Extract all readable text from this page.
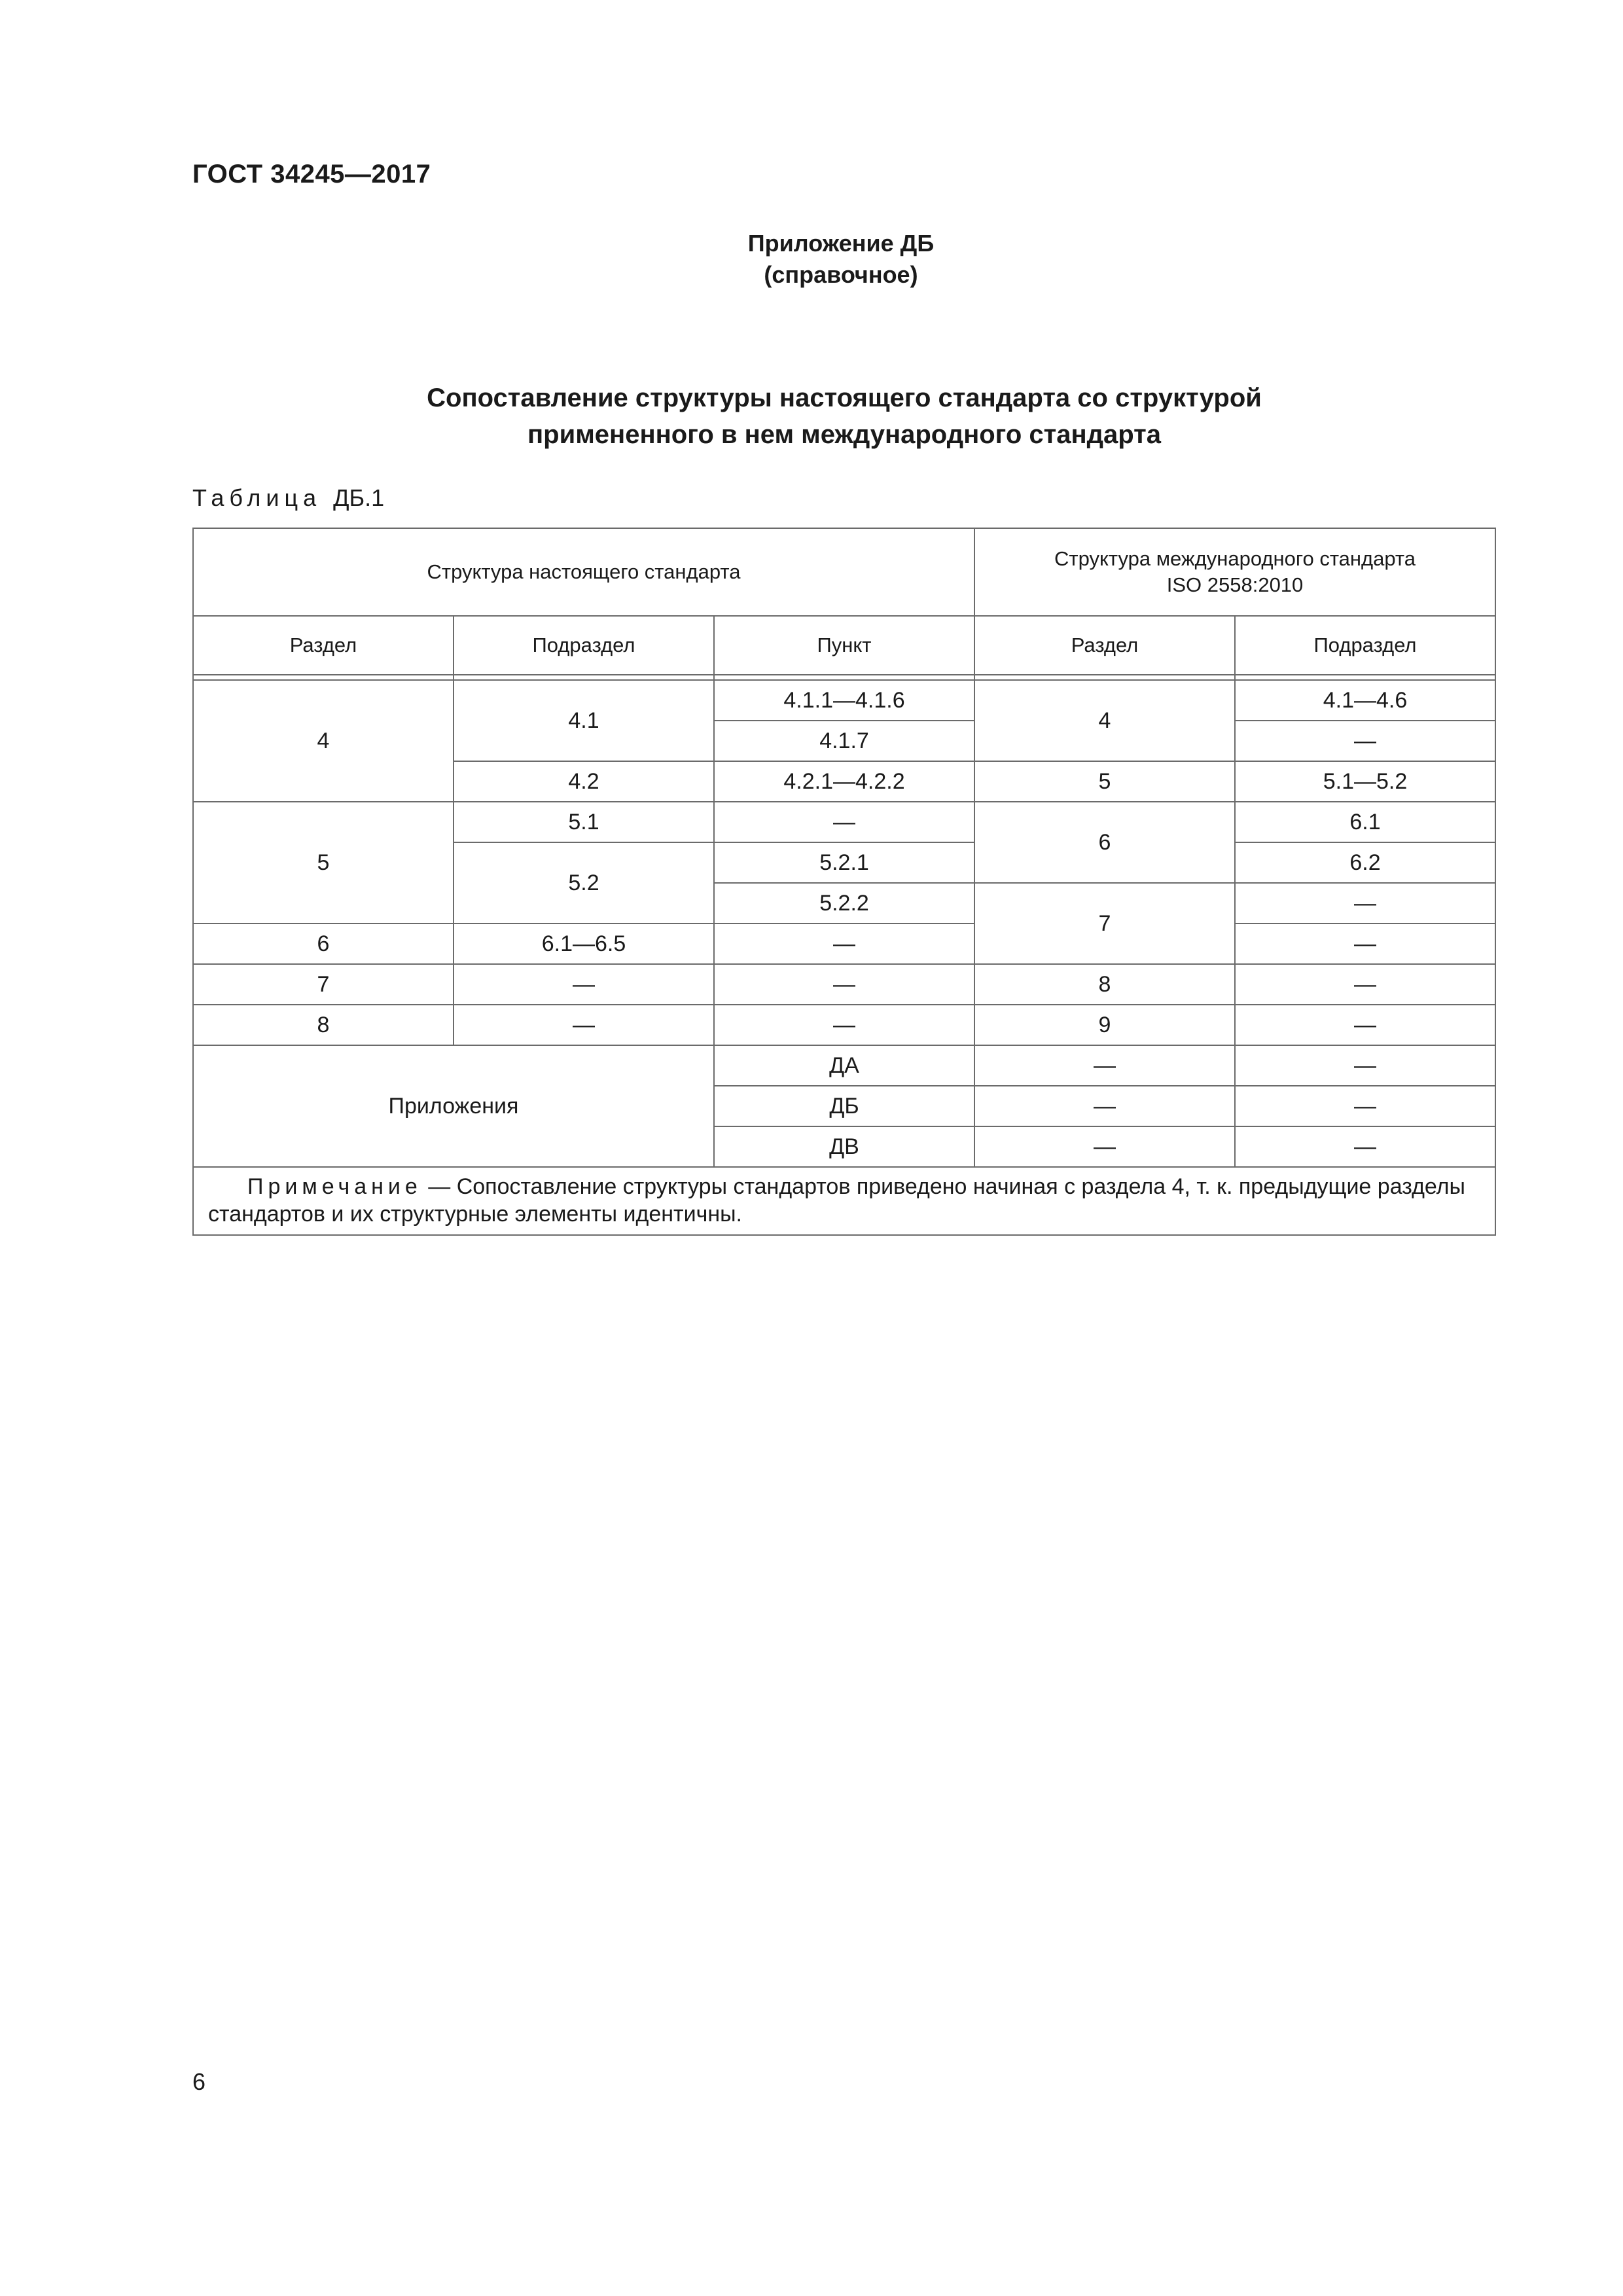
ГОСТ 34245—2017
Приложение ДБ
(справочное)
Сопоставление структуры настоящего стандарта со структурой
примененного в нем международного стандарта
Таблица ДБ.1
Структура настоящего стандарта			Структура международного стандарта
ISO 2558:2010	

Раздел	Подраздел	Пункт	Раздел	Подраздел

4	4.1	4.1.1—4.1.6	4	4.1—4.6
		4.1.7		—
	4.2	4.2.1—4.2.2	5	5.1—5.2
5	5.1	—	6	6.1
	5.2	5.2.1		6.2
		5.2.2	7	—
6	6.1—6.5	—		—
7	—	—	8	—
8	—	—	9	—
Приложения		ДА	—	—
		ДБ	—	—
		ДВ	—	—
Примечание — Сопоставление структуры стандартов приведено начиная с раздела 4, т. к. предыдущие разделы стандартов и их структурные элементы идентичны.				
6
